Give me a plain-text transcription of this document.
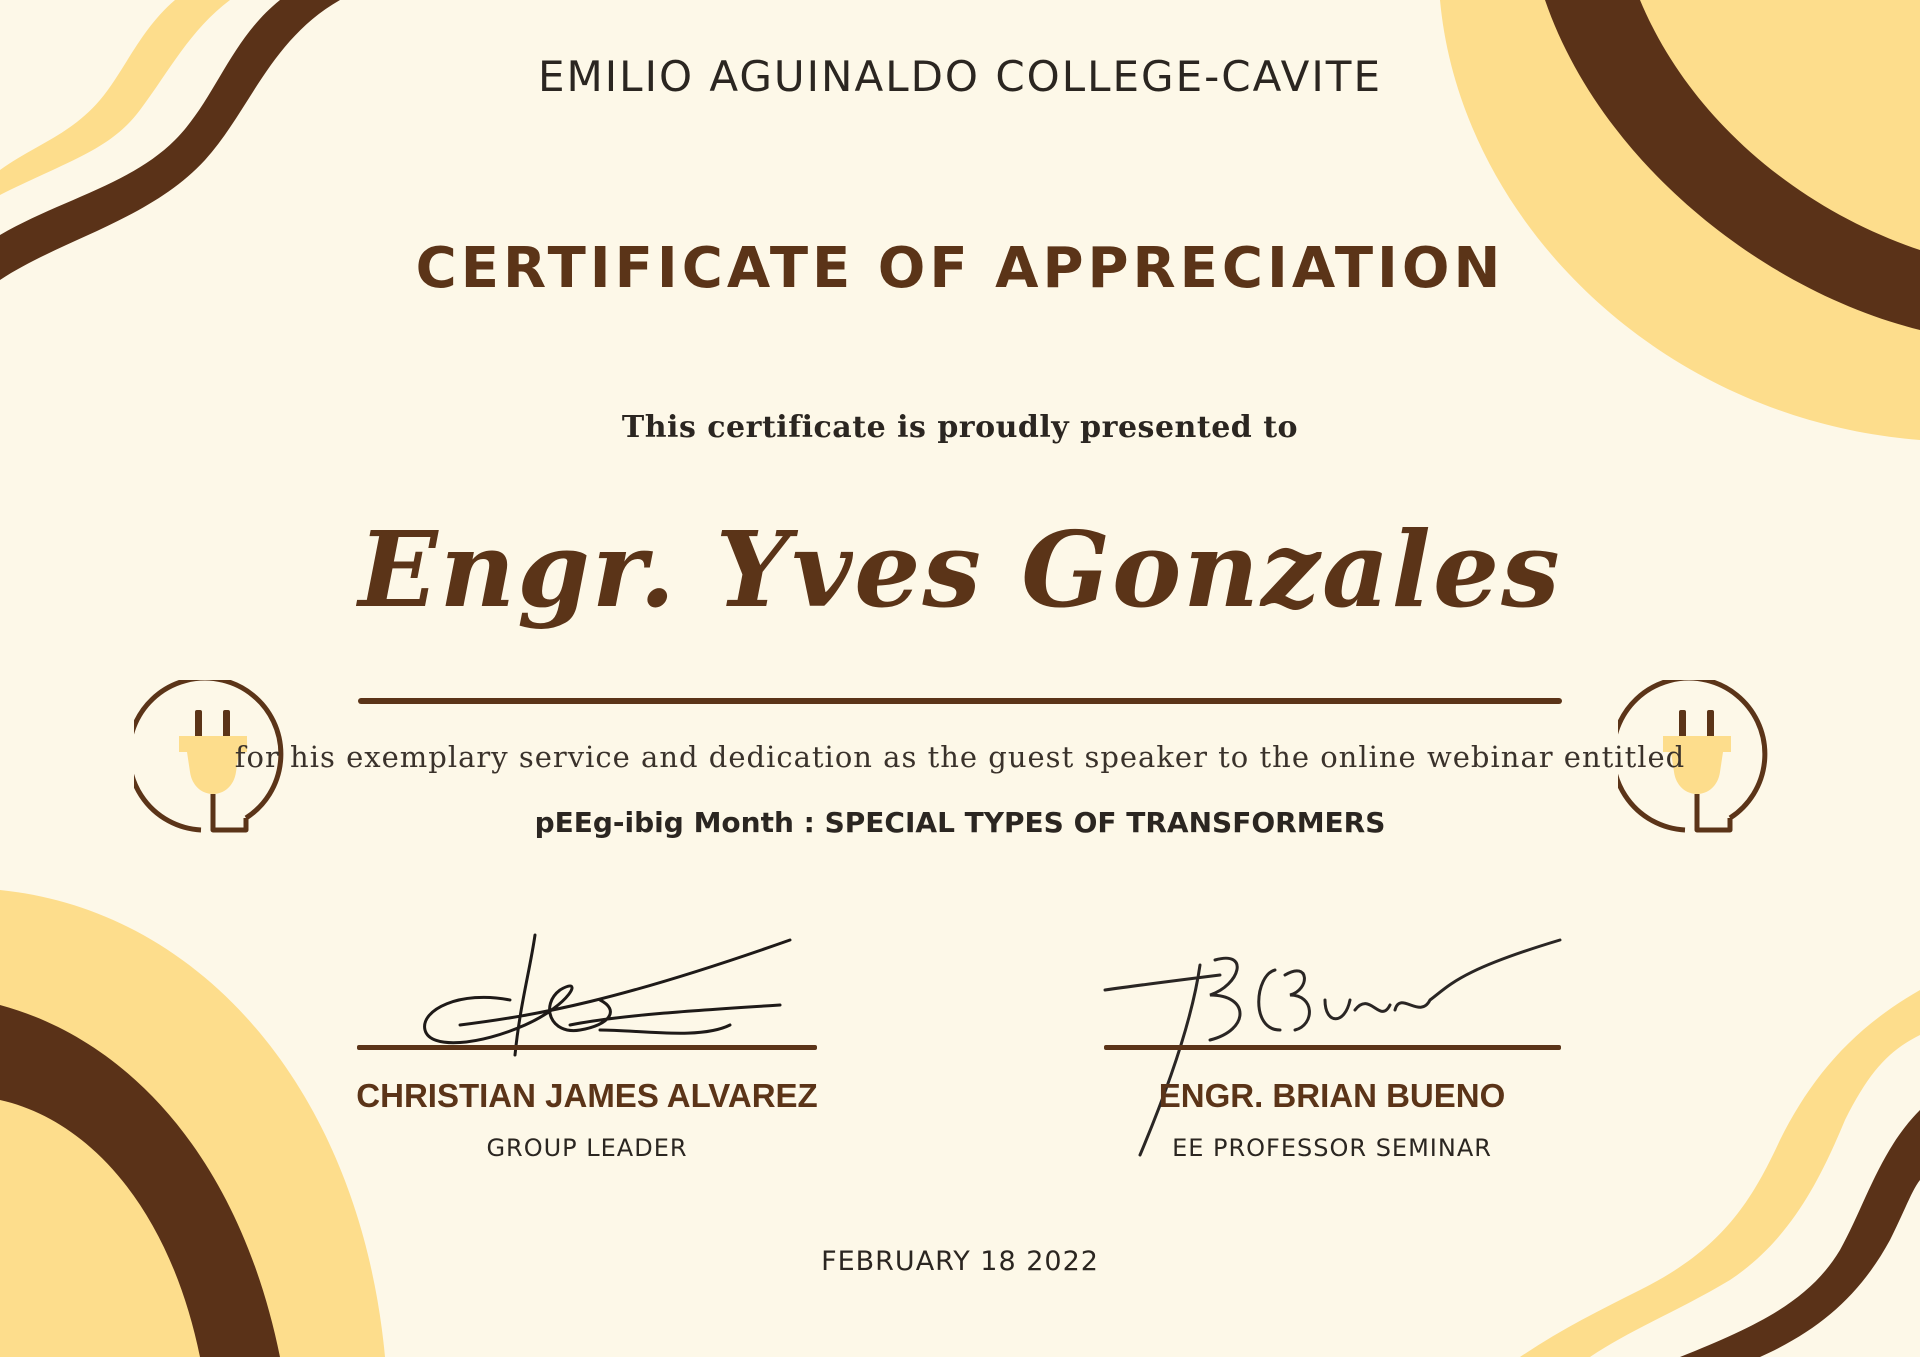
EMILIO AGUINALDO COLLEGE-CAVITE
CERTIFICATE OF APPRECIATION
This certificate is proudly presented to
Engr. Yves Gonzales
for his exemplary service and dedication as the guest speaker to the online webinar entitled
pEEg-ibig Month : SPECIAL TYPES OF TRANSFORMERS
CHRISTIAN JAMES ALVAREZ
GROUP LEADER
ENGR. BRIAN BUENO
EE PROFESSOR SEMINAR
FEBRUARY 18 2022
